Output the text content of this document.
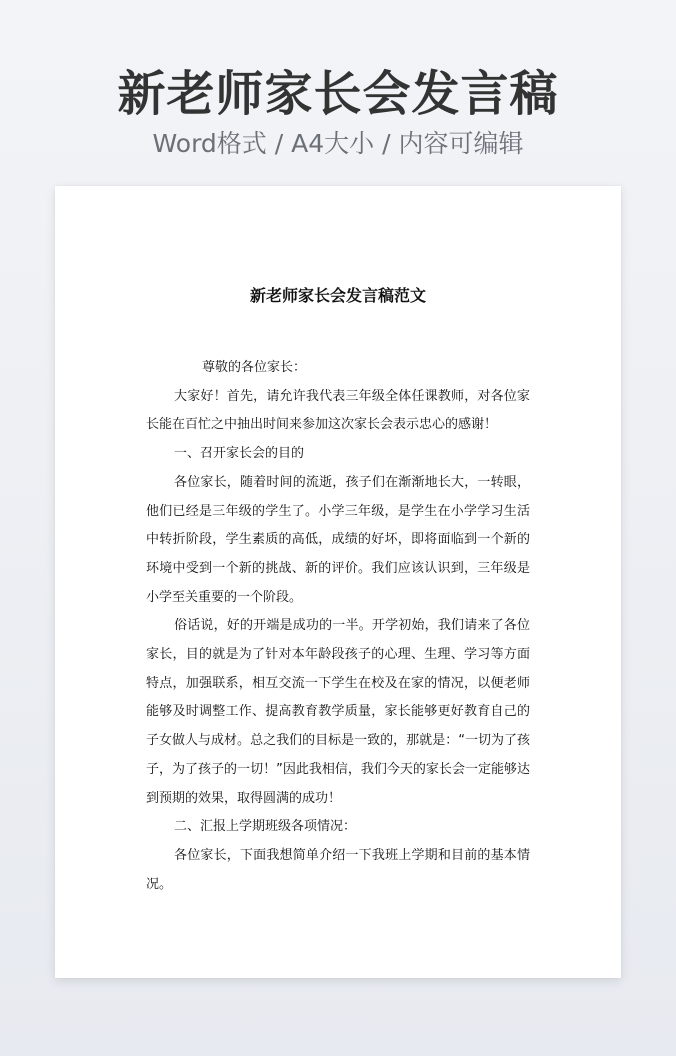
新老师家长会发言稿
Word格式 / A4大小 / 内容可编辑
新老师家长会发言稿范文

尊敬的各位家长：

大家好！首先，请允许我代表三年级全体任课教师，对各位家长能在百忙之中抽出时间来参加这次家长会表示忠心的感谢！

一、召开家长会的目的

各位家长，随着时间的流逝，孩子们在渐渐地长大，一转眼，他们已经是三年级的学生了。小学三年级，是学生在小学学习生活中转折阶段，学生素质的高低，成绩的好坏，即将面临到一个新的环境中受到一个新的挑战、新的评价。我们应该认识到，三年级是小学至关重要的一个阶段。

俗话说，好的开端是成功的一半。开学初始，我们请来了各位家长，目的就是为了针对本年龄段孩子的心理、生理、学习等方面特点，加强联系，相互交流一下学生在校及在家的情况，以便老师能够及时调整工作、提高教育教学质量，家长能够更好教育自己的子女做人与成材。总之我们的目标是一致的，那就是：“一切为了孩子，为了孩子的一切！”因此我相信，我们今天的家长会一定能够达到预期的效果，取得圆满的成功！

二、汇报上学期班级各项情况：

各位家长，下面我想简单介绍一下我班上学期和目前的基本情况。
